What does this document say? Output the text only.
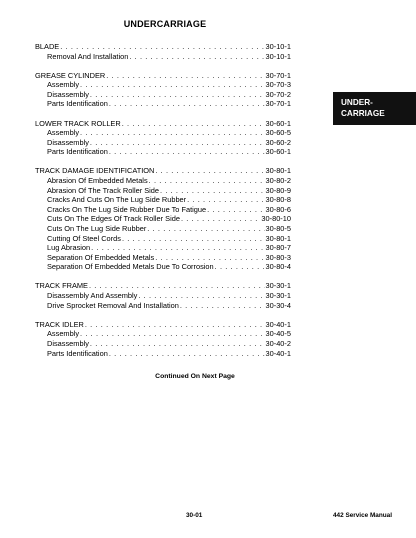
UNDERCARRIAGE
UNDER-
CARRIAGE
BLADE . . .	30-10-1
Removal And Installation . . .	30-10-1
GREASE CYLINDER . . .	30-70-1
Assembly . . .	30-70-3
Disassembly . . .	30-70-2
Parts Identification . . .	30-70-1
LOWER TRACK ROLLER . . .	30-60-1
Assembly . . .	30-60-5
Disassembly . . .	30-60-2
Parts Identification . . .	30-60-1
TRACK DAMAGE IDENTIFICATION . . .	30-80-1
Abrasion Of Embedded Metals . . .	30-80-2
Abrasion Of The Track Roller Side . . .	30-80-9
Cracks And Cuts On The Lug Side Rubber . . .	30-80-8
Cracks On The Lug Side Rubber Due To Fatigue . . .	30-80-6
Cuts On The Edges Of Track Roller Side . . .	30-80-10
Cuts On The Lug Side Rubber . . .	30-80-5
Cutting Of Steel Cords . . .	30-80-1
Lug Abrasion . . .	30-80-7
Separation Of Embedded Metals . . .	30-80-3
Separation Of Embedded Metals Due To Corrosion . . .	30-80-4
TRACK FRAME . . .	30-30-1
Disassembly And Assembly . . .	30-30-1
Drive Sprocket Removal And Installation . . .	30-30-4
TRACK IDLER . . .	30-40-1
Assembly . . .	30-40-5
Disassembly . . .	30-40-2
Parts Identification . . .	30-40-1
Continued On Next Page
30-01	442 Service Manual
